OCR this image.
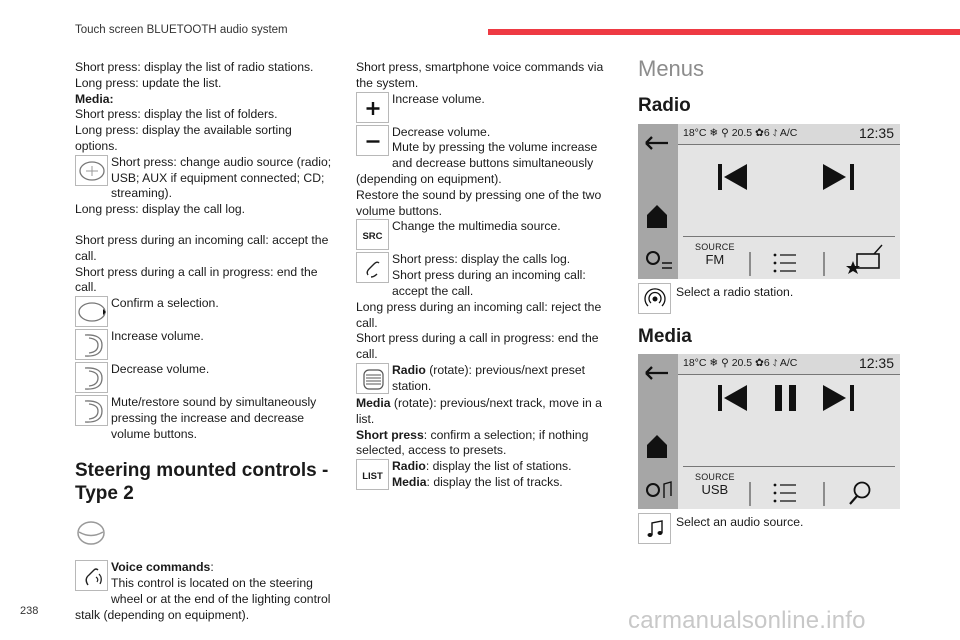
Touch screen BLUETOOTH audio system

Short press: display the list of radio stations.

Long press: update the list.

Media:

Short press: display the list of folders.

Long press: display the available sorting options.

Short press: change audio source (radio; USB; AUX if equipment connected; CD; streaming).

Long press: display the call log.

Short press during an incoming call: accept the call.

Short press during a call in progress: end the call.

Confirm a selection.

Increase volume.

Decrease volume.

Mute/restore sound by simultaneously pressing the increase and decrease volume buttons.

Steering mounted controls - Type 2

Voice commands:

This control is located on the steering wheel or at the end of the lighting control stalk (depending on equipment).

Short press, smartphone voice commands via the system.

Increase volume.

Decrease volume.

Mute by pressing the volume increase and decrease buttons simultaneously (depending on equipment).

Restore the sound by pressing one of the two volume buttons.

SRC

Change the multimedia source.

Short press: display the calls log.

Short press during an incoming call: accept the call.

Long press during an incoming call: reject the call.

Short press during a call in progress: end the call.

Radio (rotate): previous/next preset station.

Media (rotate): previous/next track, move in a list.

Short press: confirm a selection; if nothing selected, access to presets.

LIST

Radio: display the list of stations.

Media: display the list of tracks.

Menus
Radio
18°C ❄ ⚲ 20.5 ✿6 ⥌ A/C	12:35
SOURCE
FM
Select a radio station.
Media
18°C ❄ ⚲ 20.5 ✿6 ⥌ A/C	12:35
SOURCE
USB
Select an audio source.
238	carmanualsonline.info
